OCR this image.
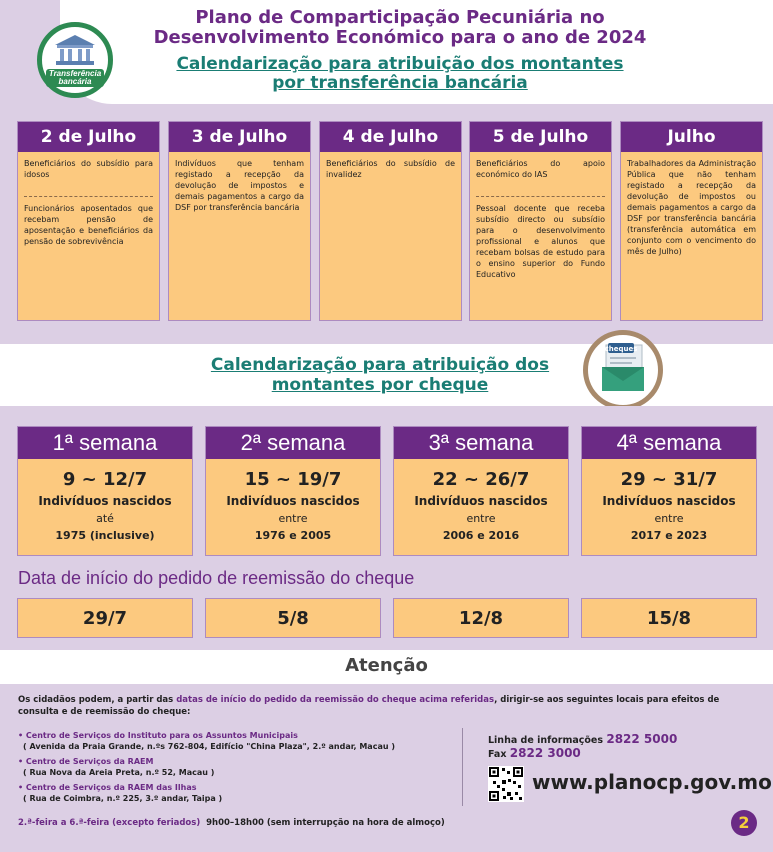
Transferência
bancária
Plano de Comparticipação Pecuniária no
Desenvolvimento Económico para o ano de 2024
Calendarização para atribuição dos montantes
por transferência bancária
2 de Julho
Beneficiários do subsídio para idosos
Funcionários aposentados que recebam pensão de aposentação e beneficiários da pensão de sobrevivência
3 de Julho
Indivíduos que tenham registado a recepção da devolução de impostos e demais pagamentos a cargo da DSF por transferência bancária
4 de Julho
Beneficiários do subsídio de invalidez
5 de Julho
Beneficiários do apoio económico do IAS
Pessoal docente que receba subsídio directo ou subsídio para o desenvolvimento profissional e alunos que recebam bolsas de estudo para o ensino superior do Fundo Educativo
Julho
Trabalhadores da Administração Pública que não tenham registado a recepção da devolução de impostos ou demais pagamentos a cargo da DSF por transferência bancária (transferência automática em conjunto com o vencimento do mês de Julho)
Calendarização para atribuição dos
montantes por cheque
cheques
1ª semana
9 ~ 12/7
Indivíduos nascidos
até
1975 (inclusive)
2ª semana
15 ~ 19/7
Indivíduos nascidos
entre
1976 e 2005
3ª semana
22 ~ 26/7
Indivíduos nascidos
entre
2006 e 2016
4ª semana
29 ~ 31/7
Indivíduos nascidos
entre
2017 e 2023
Data de início do pedido de reemissão do cheque
29/7	5/8	12/8	15/8
Atenção
Os cidadãos podem, a partir das datas de início do pedido da reemissão do cheque acima referidas, dirigir-se aos seguintes locais para efeitos de consulta e de reemissão do cheque:
• Centro de Serviços do Instituto para os Assuntos Municipais
( Avenida da Praia Grande, n.ºs 762-804, Edifício "China Plaza", 2.º andar, Macau )
• Centro de Serviços da RAEM
( Rua Nova da Areia Preta, n.º 52, Macau )
• Centro de Serviços da RAEM das Ilhas
( Rua de Coimbra, n.º 225, 3.º andar, Taipa )
Linha de informações 2822 5000
Fax 2822 3000
www.planocp.gov.mo
2.ª-feira a 6.ª-feira (excepto feriados) 9h00–18h00 (sem interrupção na hora de almoço)	2
